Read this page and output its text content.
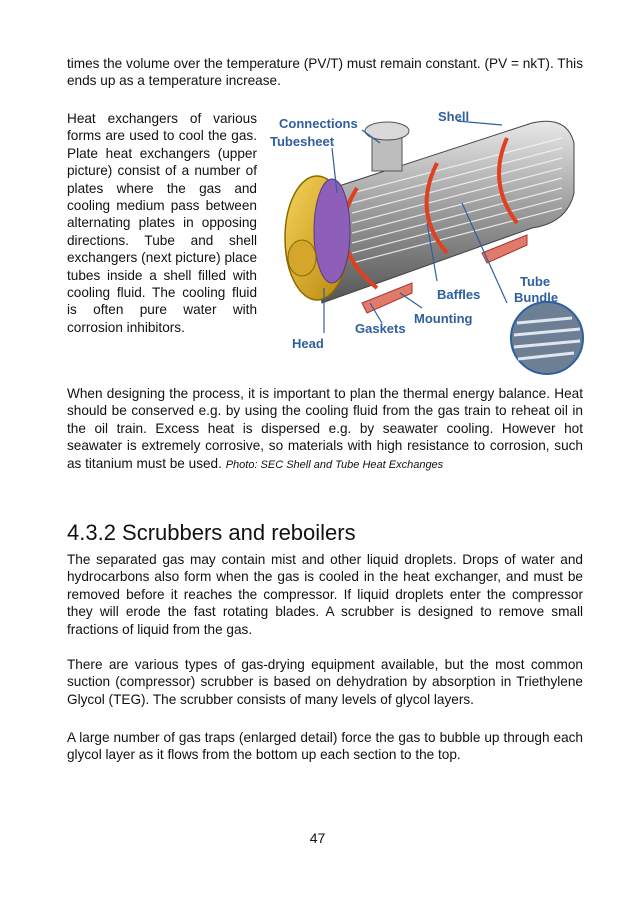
times the volume over the temperature (PV/T) must remain constant. (PV = nkT). This ends up as a temperature increase.

Heat exchangers of various forms are used to cool the gas. Plate heat exchangers (upper picture) consist of a number of plates where the gas and cooling medium pass between alternating plates in opposing directions. Tube and shell exchangers (next picture) place tubes inside a shell filled with cooling fluid. The cooling fluid is often pure water with corrosion inhibitors.

Connections	Shell
Tubesheet
Tube
Bundle
Baffles
Mounting
Gaskets
Head

When designing the process, it is important to plan the thermal energy balance. Heat should be conserved e.g. by using the cooling fluid from the gas train to reheat oil in the oil train. Excess heat is dispersed e.g. by seawater cooling. However hot seawater is extremely corrosive, so materials with high resistance to corrosion, such as titanium must be used. Photo: SEC Shell and Tube Heat Exchanges

4.3.2 Scrubbers and reboilers

The separated gas may contain mist and other liquid droplets. Drops of water and hydrocarbons also form when the gas is cooled in the heat exchanger, and must be removed before it reaches the compressor. If liquid droplets enter the compressor they will erode the fast rotating blades. A scrubber is designed to remove small fractions of liquid from the gas.

There are various types of gas-drying equipment available, but the most common suction (compressor) scrubber is based on dehydration by absorption in Triethylene Glycol (TEG). The scrubber consists of many levels of glycol layers.

A large number of gas traps (enlarged detail) force the gas to bubble up through each glycol layer as it flows from the bottom up each section to the top.

47
